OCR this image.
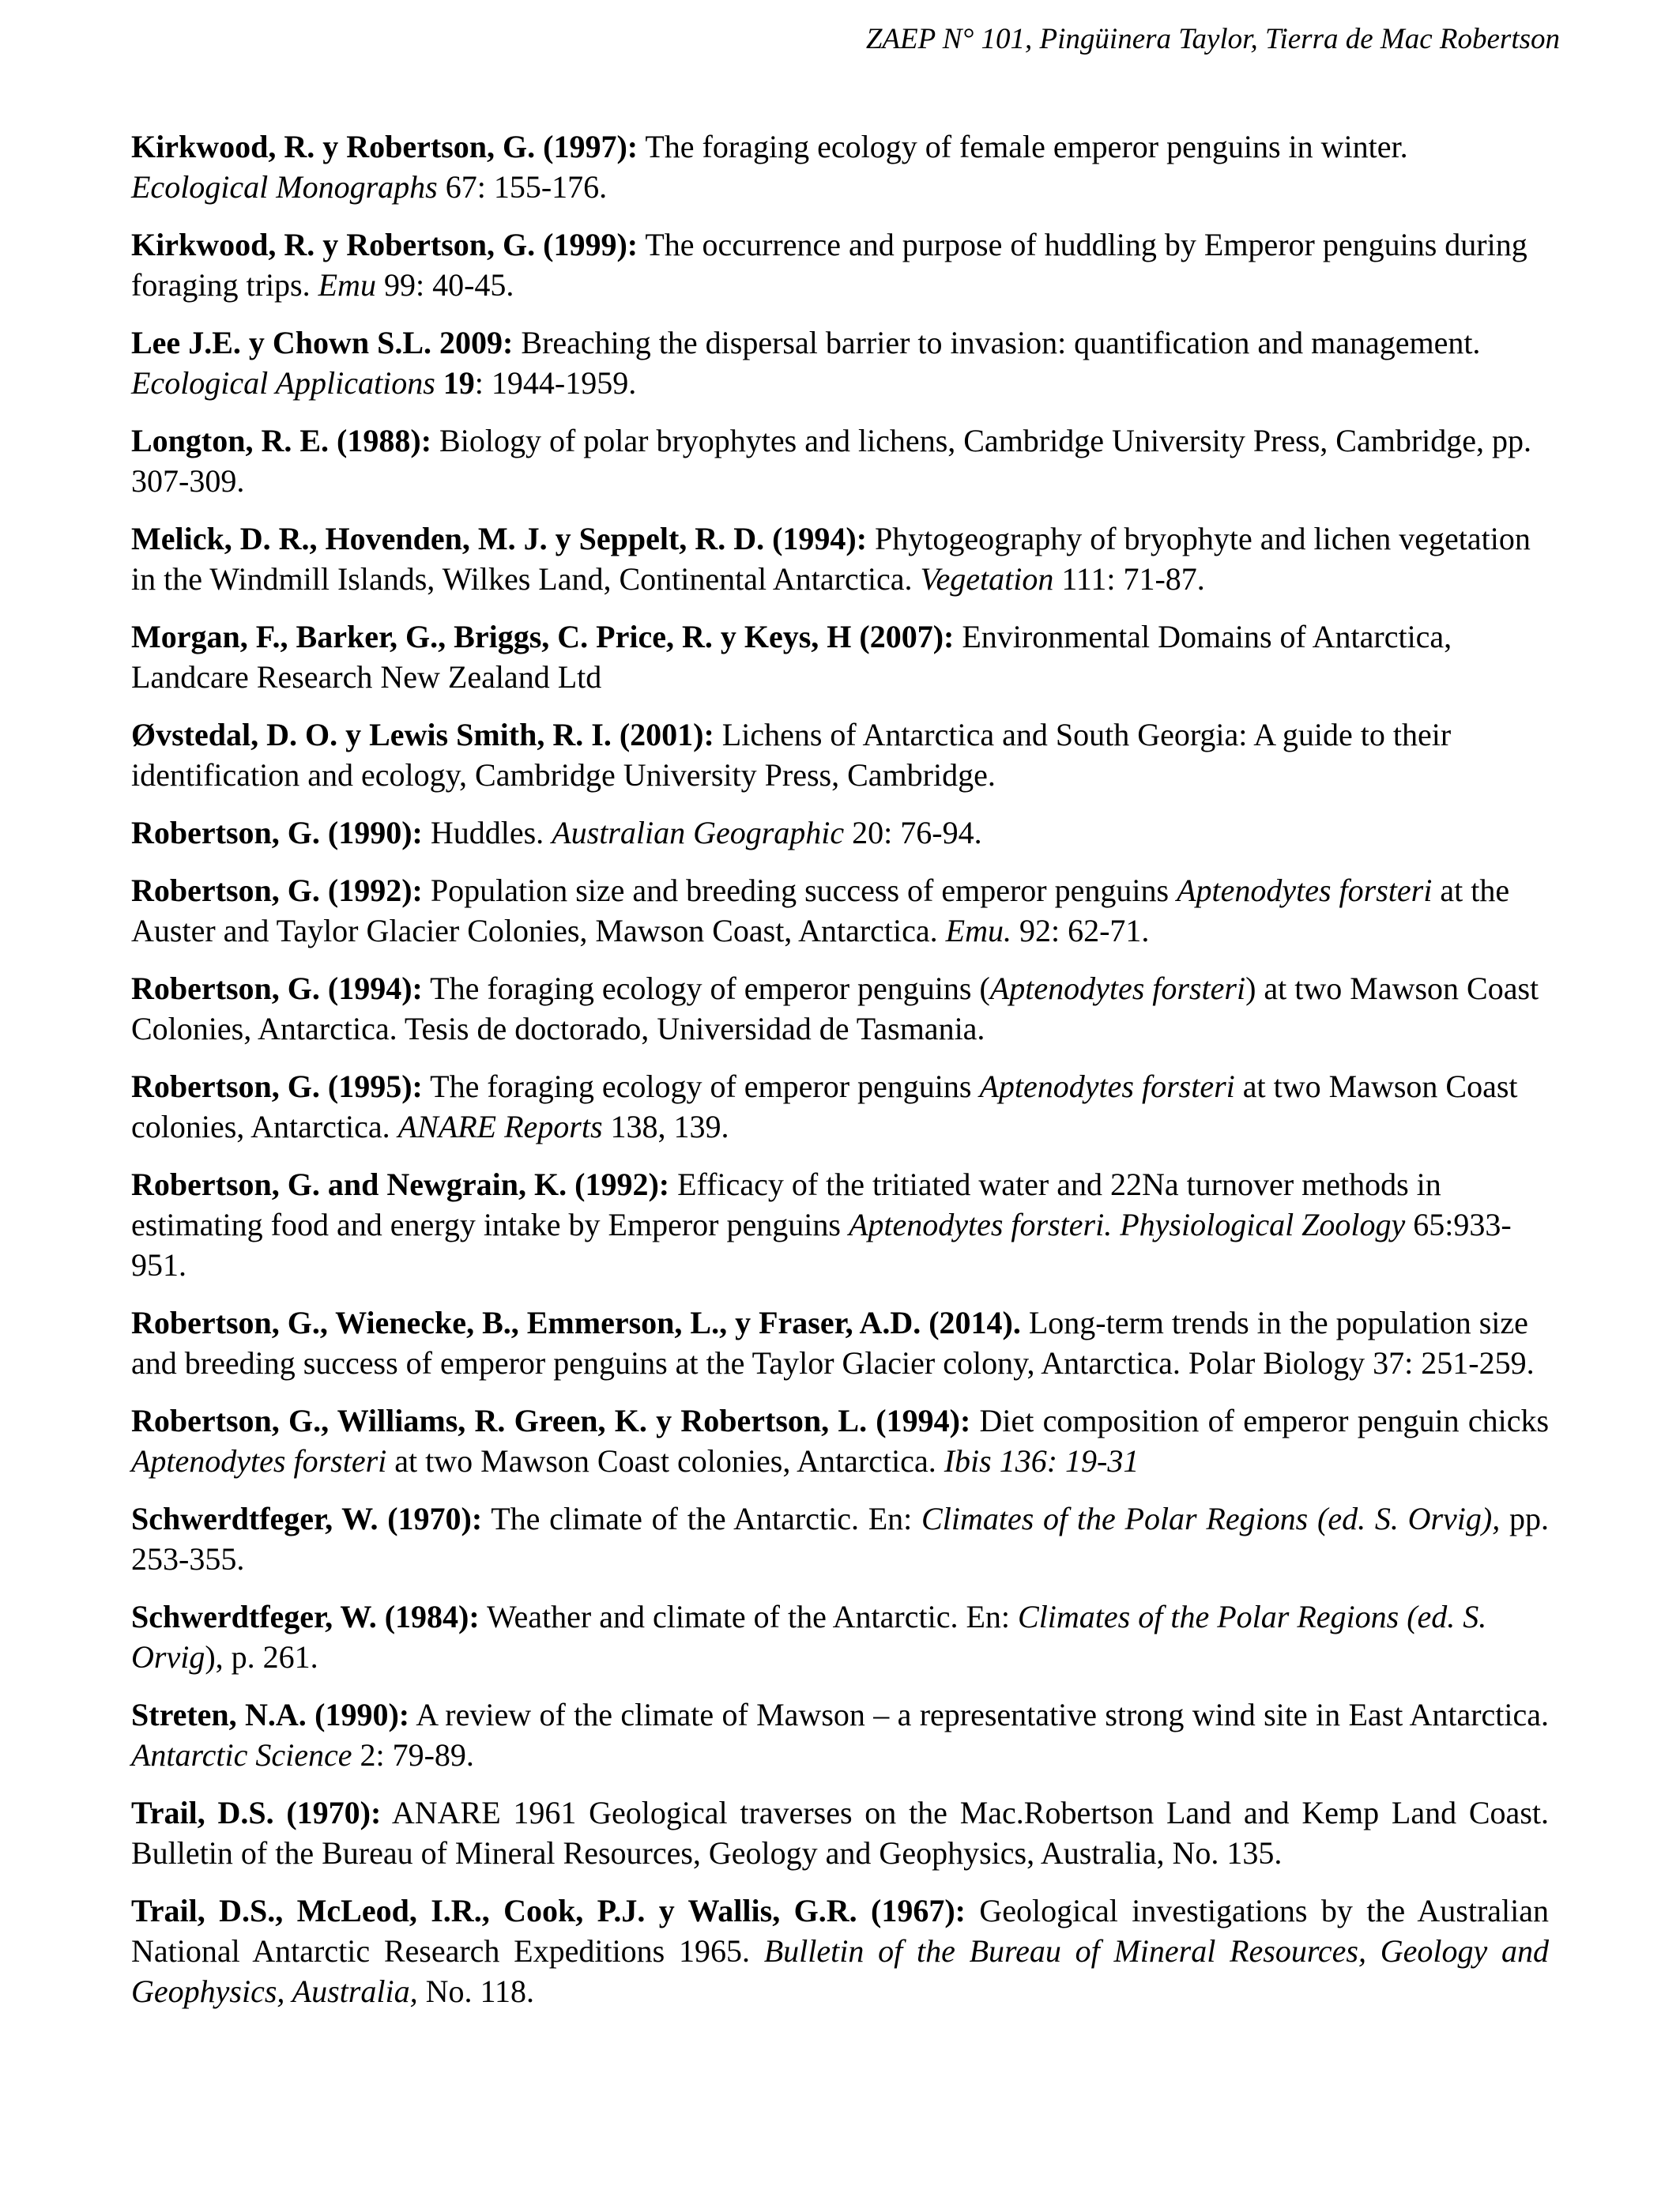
ZAEP N° 101, Pingüinera Taylor, Tierra de Mac Robertson

Kirkwood, R. y Robertson, G. (1997): The foraging ecology of female emperor penguins in winter. Ecological Monographs 67: 155-176.

Kirkwood, R. y Robertson, G. (1999): The occurrence and purpose of huddling by Emperor penguins during foraging trips. Emu 99: 40-45.

Lee J.E. y Chown S.L. 2009: Breaching the dispersal barrier to invasion: quantification and management. Ecological Applications 19: 1944-1959.

Longton, R. E. (1988): Biology of polar bryophytes and lichens, Cambridge University Press, Cambridge, pp. 307-309.

Melick, D. R., Hovenden, M. J. y Seppelt, R. D. (1994): Phytogeography of bryophyte and lichen vegetation in the Windmill Islands, Wilkes Land, Continental Antarctica. Vegetation 111: 71-87.

Morgan, F., Barker, G., Briggs, C. Price, R. y Keys, H (2007): Environmental Domains of Antarctica, Landcare Research New Zealand Ltd

Øvstedal, D. O. y Lewis Smith, R. I. (2001): Lichens of Antarctica and South Georgia: A guide to their identification and ecology, Cambridge University Press, Cambridge.

Robertson, G. (1990): Huddles. Australian Geographic 20: 76-94.

Robertson, G. (1992): Population size and breeding success of emperor penguins Aptenodytes forsteri at the Auster and Taylor Glacier Colonies, Mawson Coast, Antarctica. Emu. 92: 62-71.

Robertson, G. (1994): The foraging ecology of emperor penguins (Aptenodytes forsteri) at two Mawson Coast Colonies, Antarctica. Tesis de doctorado, Universidad de Tasmania.

Robertson, G. (1995): The foraging ecology of emperor penguins Aptenodytes forsteri at two Mawson Coast colonies, Antarctica. ANARE Reports 138, 139.

Robertson, G. and Newgrain, K. (1992): Efficacy of the tritiated water and 22Na turnover methods in estimating food and energy intake by Emperor penguins Aptenodytes forsteri. Physiological Zoology 65:933-951.

Robertson, G., Wienecke, B., Emmerson, L., y Fraser, A.D. (2014). Long-term trends in the population size and breeding success of emperor penguins at the Taylor Glacier colony, Antarctica. Polar Biology 37: 251-259.

Robertson, G., Williams, R. Green, K. y Robertson, L. (1994): Diet composition of emperor penguin chicks Aptenodytes forsteri at two Mawson Coast colonies, Antarctica. Ibis 136: 19-31

Schwerdtfeger, W. (1970): The climate of the Antarctic. En: Climates of the Polar Regions (ed. S. Orvig), pp. 253-355.

Schwerdtfeger, W. (1984): Weather and climate of the Antarctic. En: Climates of the Polar Regions (ed. S. Orvig), p. 261.

Streten, N.A. (1990): A review of the climate of Mawson – a representative strong wind site in East Antarctica. Antarctic Science 2: 79-89.

Trail, D.S. (1970): ANARE 1961 Geological traverses on the Mac.Robertson Land and Kemp Land Coast. Bulletin of the Bureau of Mineral Resources, Geology and Geophysics, Australia, No. 135.

Trail, D.S., McLeod, I.R., Cook, P.J. y Wallis, G.R. (1967): Geological investigations by the Australian National Antarctic Research Expeditions 1965. Bulletin of the Bureau of Mineral Resources, Geology and Geophysics, Australia, No. 118.
